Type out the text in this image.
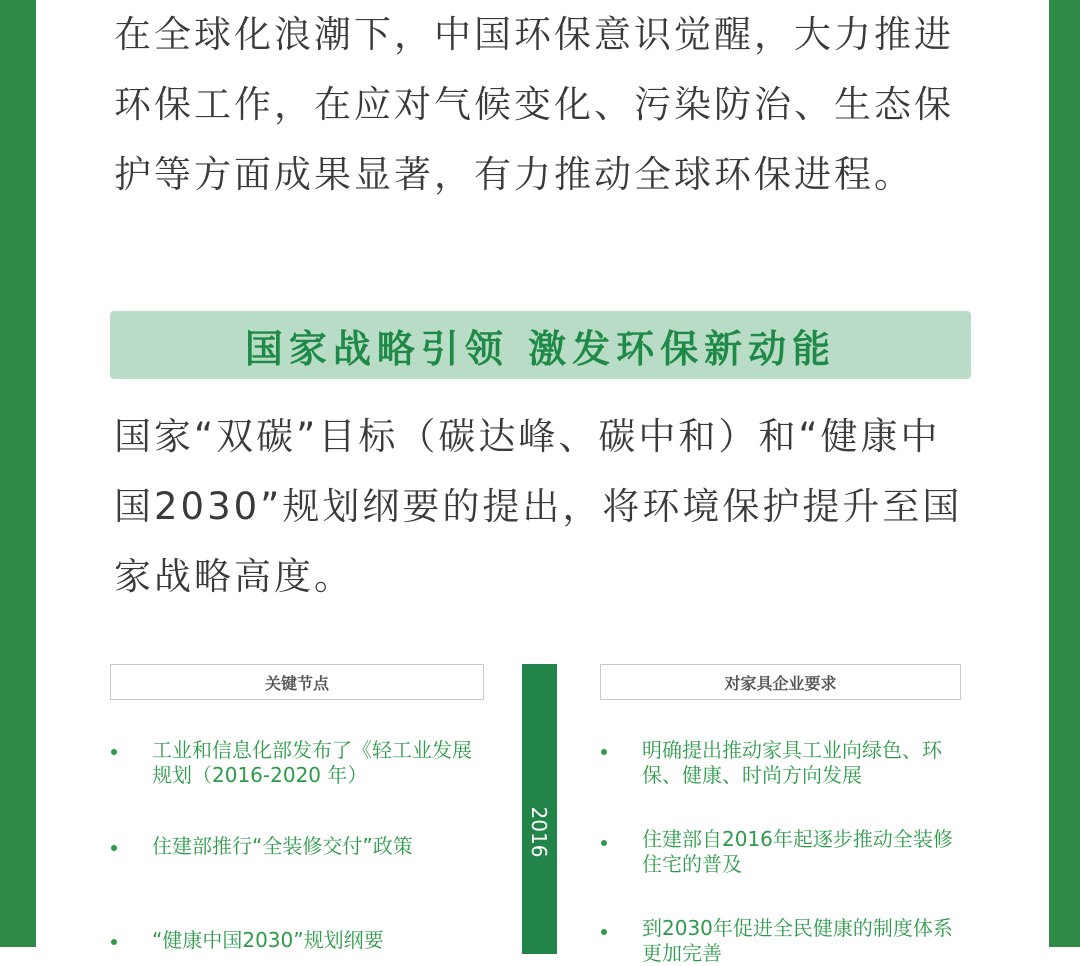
在全球化浪潮下，中国环保意识觉醒，大力推进环保工作，在应对气候变化、污染防治、生态保护等方面成果显著，有力推动全球环保进程。

国家战略引领 激发环保新动能

国家“双碳”目标（碳达峰、碳中和）和“健康中国2030”规划纲要的提出，将环境保护提升至国家战略高度。

关键节点	对家具企业要求
2016
工业和信息化部发布了《轻工业发展规划（2016-2020 年）
住建部推行“全装修交付”政策
“健康中国2030”规划纲要
明确提出推动家具工业向绿色、环保、健康、时尚方向发展
住建部自2016年起逐步推动全装修住宅的普及
到2030年促进全民健康的制度体系更加完善
